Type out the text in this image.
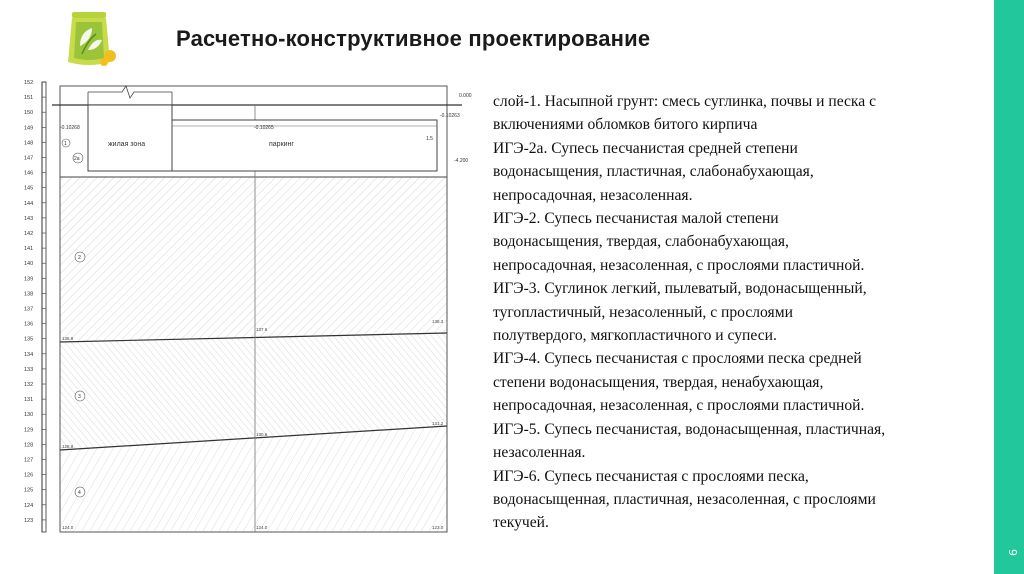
Расчетно-конструктивное проектирование
152
151
150
149
148
147
146
145
144
143
142
141
140
139
138
137
136
135
134
133
132
131
130
129
128
127
126
125
124
123
жилая зона	паркинг
0.000
-0.10268	-0.10265
-0.10263
-4.200
1.5
1
2а
2
3
4
136.8
137.6
138.3
128.8
130.6
131.2
124.0	124.0	123.0
слой-1. Насыпной грунт: смесь суглинка, почвы и песка с
включениями обломков битого кирпича
ИГЭ-2а. Супесь песчанистая средней степени
водонасыщения, пластичная, слабонабухающая,
непросадочная, незасоленная.
ИГЭ-2. Супесь песчанистая малой степени
водонасыщения, твердая, слабонабухающая,
непросадочная, незасоленная, с прослоями пластичной.
ИГЭ-3. Суглинок легкий, пылеватый, водонасыщенный,
тугопластичный, незасоленный, с прослоями
полутвердого, мягкопластичного и супеси.
ИГЭ-4. Супесь песчанистая с прослоями песка средней
степени водонасыщения, твердая, ненабухающая,
непросадочная, незасоленная, с прослоями пластичной.
ИГЭ-5. Супесь песчанистая, водонасыщенная, пластичная,
незасоленная.
ИГЭ-6. Супесь песчанистая с прослоями песка,
водонасыщенная, пластичная, незасоленная, с прослоями
текучей.
АНАЛИЗ ИГУ
6
